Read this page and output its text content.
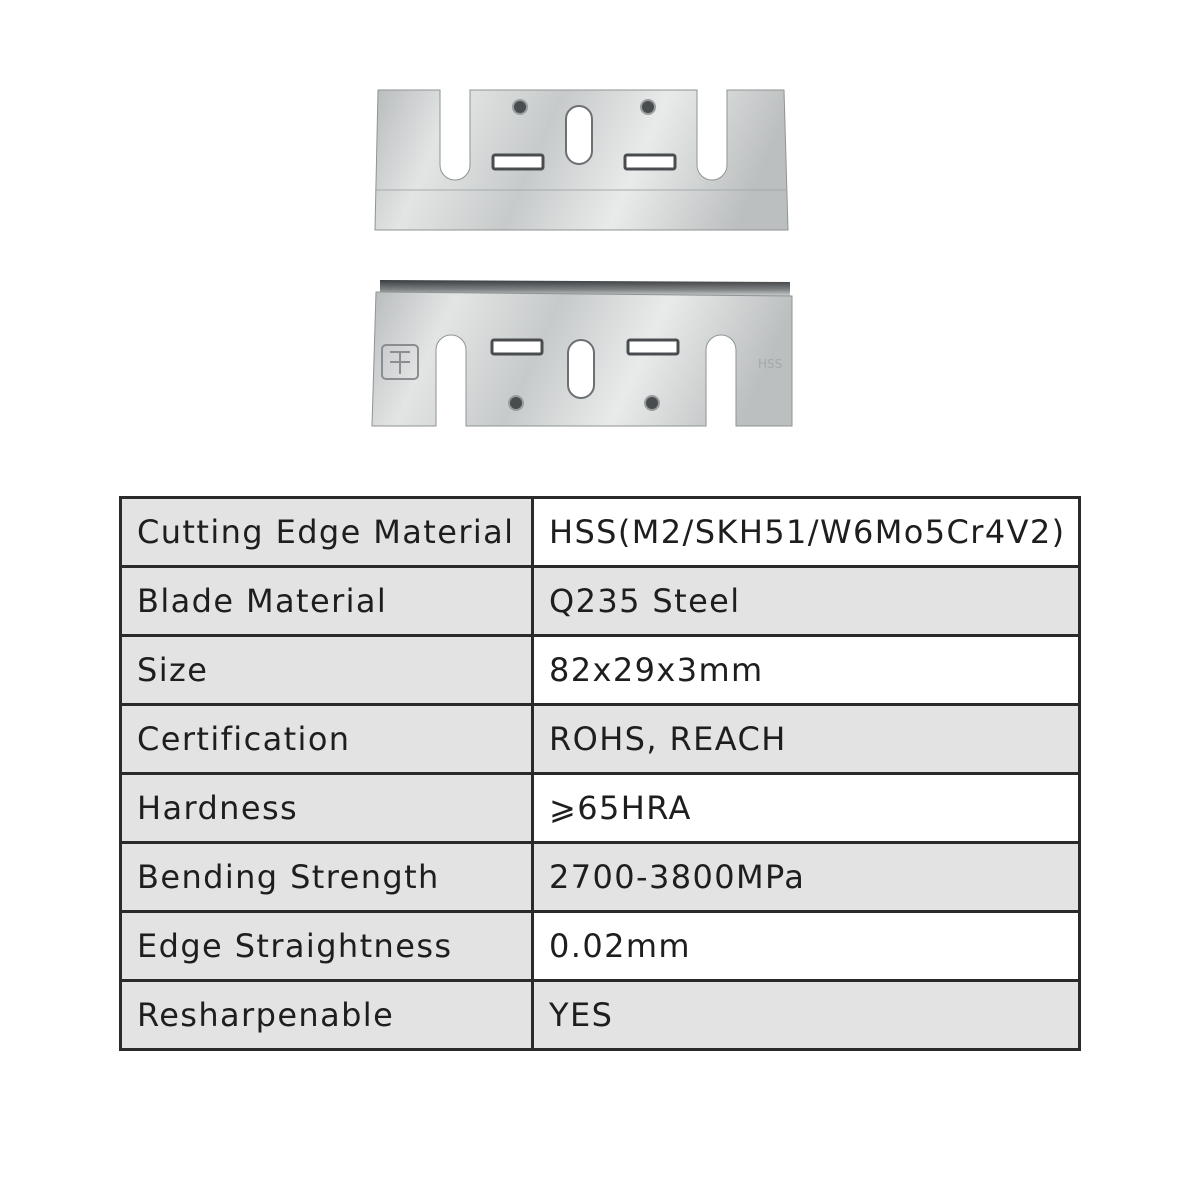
HSS
Cutting Edge Material	HSS(M2/SKH51/W6Mo5Cr4V2)
Blade Material	Q235 Steel
Size	82x29x3mm
Certification	ROHS, REACH
Hardness	⩾65HRA
Bending Strength	2700-3800MPa
Edge Straightness	0.02mm
Resharpenable	YES
